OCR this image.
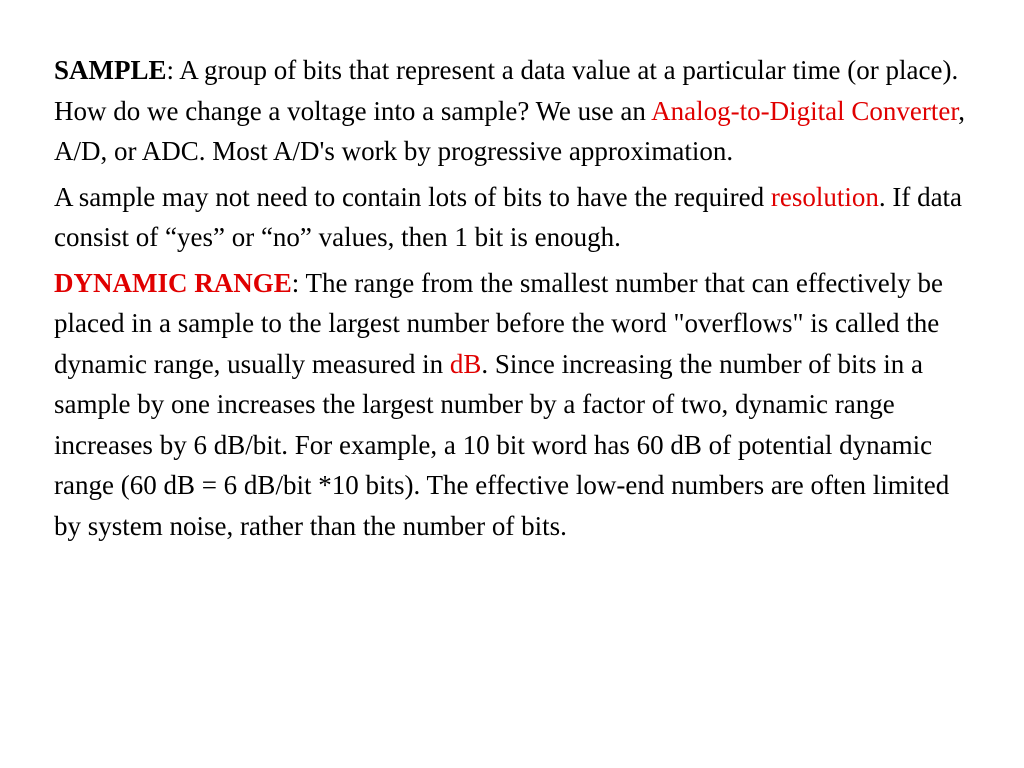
SAMPLE: A group of bits that represent a data value at a particular time (or place). How do we change a voltage into a sample? We use an Analog-to-Digital Converter, A/D, or ADC. Most A/D's work by progressive approximation.

A sample may not need to contain lots of bits to have the required resolution. If data consist of “yes” or “no” values, then 1 bit is enough.

DYNAMIC RANGE: The range from the smallest number that can effectively be placed in a sample to the largest number before the word "overflows" is called the dynamic range, usually measured in dB. Since increasing the number of bits in a sample by one increases the largest number by a factor of two, dynamic range increases by 6 dB/bit. For example, a 10 bit word has 60 dB of potential dynamic range (60 dB = 6 dB/bit *10 bits). The effective low-end numbers are often limited by system noise, rather than the number of bits.
